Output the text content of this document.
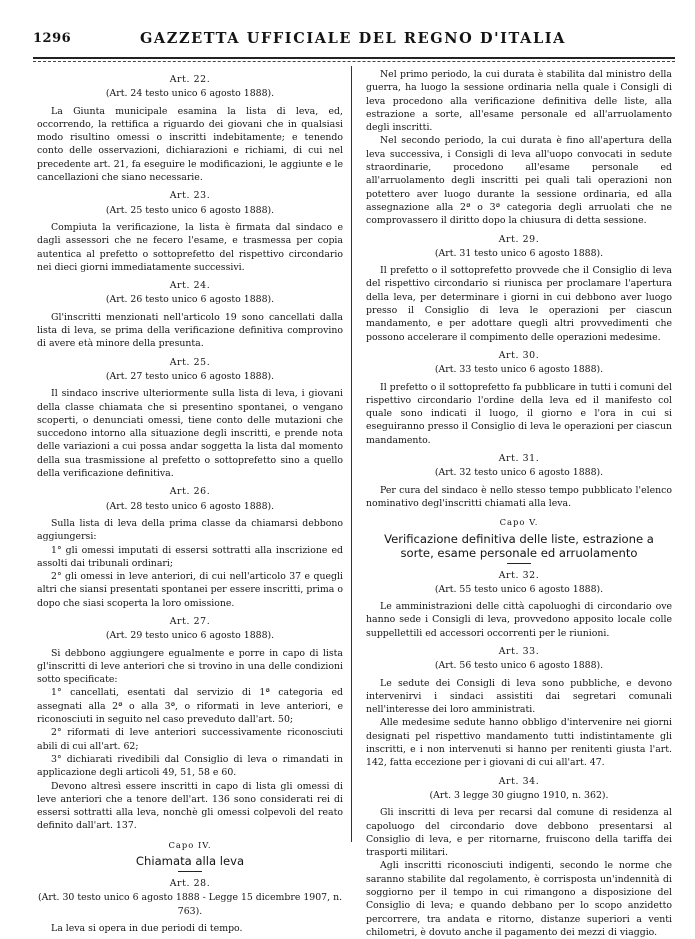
1296	GAZZETTA UFFICIALE DEL REGNO D'ITALIA
Art. 22.
(Art. 24 testo unico 6 agosto 1888).

La Giunta municipale esamina la lista di leva, ed, occorrendo, la rettifica a riguardo dei giovani che in qualsiasi modo risultino omessi o inscritti indebitamente; e tenendo conto delle osservazioni, dichiarazioni e richiami, di cui nel precedente art. 21, fa eseguire le modificazioni, le aggiunte e le cancellazioni che siano necessarie.

Art. 23.
(Art. 25 testo unico 6 agosto 1888).

Compiuta la verificazione, la lista è firmata dal sindaco e dagli assessori che ne fecero l'esame, e trasmessa per copia autentica al prefetto o sottoprefetto del rispettivo circondario nei dieci giorni immediatamente successivi.

Art. 24.
(Art. 26 testo unico 6 agosto 1888).

Gl'inscritti menzionati nell'articolo 19 sono cancellati dalla lista di leva, se prima della verificazione definitiva comprovino di avere età minore della presunta.

Art. 25.
(Art. 27 testo unico 6 agosto 1888).

Il sindaco inscrive ulteriormente sulla lista di leva, i giovani della classe chiamata che si presentino spontanei, o vengano scoperti, o denunciati omessi, tiene conto delle mutazioni che succedono intorno alla situazione degli inscritti, e prende nota delle variazioni a cui possa andar soggetta la lista dal momento della sua trasmissione al prefetto o sottoprefetto sino a quello della verificazione definitiva.

Art. 26.
(Art. 28 testo unico 6 agosto 1888).

Sulla lista di leva della prima classe da chiamarsi debbono aggiungersi:

1° gli omessi imputati di essersi sottratti alla inscrizione ed assolti dai tribunali ordinari;

2° gli omessi in leve anteriori, di cui nell'articolo 37 e quegli altri che siansi presentati spontanei per essere inscritti, prima o dopo che siasi scoperta la loro omissione.

Art. 27.
(Art. 29 testo unico 6 agosto 1888).

Si debbono aggiungere egualmente e porre in capo di lista gl'inscritti di leve anteriori che si trovino in una delle condizioni sotto specificate:

1° cancellati, esentati dal servizio di 1ª categoria ed assegnati alla 2ª o alla 3ª, o riformati in leve anteriori, e riconosciuti in seguito nel caso preveduto dall'art. 50;

2° riformati di leve anteriori successivamente riconosciuti abili di cui all'art. 62;

3° dichiarati rivedibili dal Consiglio di leva o rimandati in applicazione degli articoli 49, 51, 58 e 60.

Devono altresì essere inscritti in capo di lista gli omessi di leve anteriori che a tenore dell'art. 136 sono considerati rei di essersi sottratti alla leva, nonchè gli omessi colpevoli del reato definito dall'art. 137.

Capo IV.
Chiamata alla leva
Art. 28.
(Art. 30 testo unico 6 agosto 1888 - Legge 15 dicembre 1907, n. 763).

La leva si opera in due periodi di tempo.

Nel primo periodo, la cui durata è stabilita dal ministro della guerra, ha luogo la sessione ordinaria nella quale i Consigli di leva procedono alla verificazione definitiva delle liste, alla estrazione a sorte, all'esame personale ed all'arruolamento degli inscritti.

Nel secondo periodo, la cui durata è fino all'apertura della leva successiva, i Consigli di leva all'uopo convocati in sedute straordinarie, procedono all'esame personale ed all'arruolamento degli inscritti pei quali tali operazioni non potettero aver luogo durante la sessione ordinaria, ed alla assegnazione alla 2ª o 3ª categoria degli arruolati che ne comprovassero il diritto dopo la chiusura di detta sessione.

Art. 29.
(Art. 31 testo unico 6 agosto 1888).

Il prefetto o il sottoprefetto provvede che il Consiglio di leva del rispettivo circondario si riunisca per proclamare l'apertura della leva, per determinare i giorni in cui debbono aver luogo presso il Consiglio di leva le operazioni per ciascun mandamento, e per adottare quegli altri provvedimenti che possono accelerare il compimento delle operazioni medesime.

Art. 30.
(Art. 33 testo unico 6 agosto 1888).

Il prefetto o il sottoprefetto fa pubblicare in tutti i comuni del rispettivo circondario l'ordine della leva ed il manifesto col quale sono indicati il luogo, il giorno e l'ora in cui si eseguiranno presso il Consiglio di leva le operazioni per ciascun mandamento.

Art. 31.
(Art. 32 testo unico 6 agosto 1888).

Per cura del sindaco è nello stesso tempo pubblicato l'elenco nominativo degl'inscritti chiamati alla leva.

Capo V.
Verificazione definitiva delle liste, estrazione a sorte, esame personale ed arruolamento
Art. 32.
(Art. 55 testo unico 6 agosto 1888).

Le amministrazioni delle città capoluoghi di circondario ove hanno sede i Consigli di leva, provvedono apposito locale colle suppellettili ed accessori occorrenti per le riunioni.

Art. 33.
(Art. 56 testo unico 6 agosto 1888).

Le sedute dei Consigli di leva sono pubbliche, e devono intervenirvi i sindaci assistiti dai segretari comunali nell'interesse dei loro amministrati.

Alle medesime sedute hanno obbligo d'intervenire nei giorni designati pel rispettivo mandamento tutti indistintamente gli inscritti, e i non intervenuti si hanno per renitenti giusta l'art. 142, fatta eccezione per i giovani di cui all'art. 47.

Art. 34.
(Art. 3 legge 30 giugno 1910, n. 362).

Gli inscritti di leva per recarsi dal comune di residenza al capoluogo del circondario dove debbono presentarsi al Consiglio di leva, e per ritornarne, fruiscono della tariffa dei trasporti militari.

Agli inscritti riconosciuti indigenti, secondo le norme che saranno stabilite dal regolamento, è corrisposta un'indennità di soggiorno per il tempo in cui rimangono a disposizione del Consiglio di leva; e quando debbano per lo scopo anzidetto percorrere, tra andata e ritorno, distanze superiori a venti chilometri, è dovuto anche il pagamento dei mezzi di viaggio.
